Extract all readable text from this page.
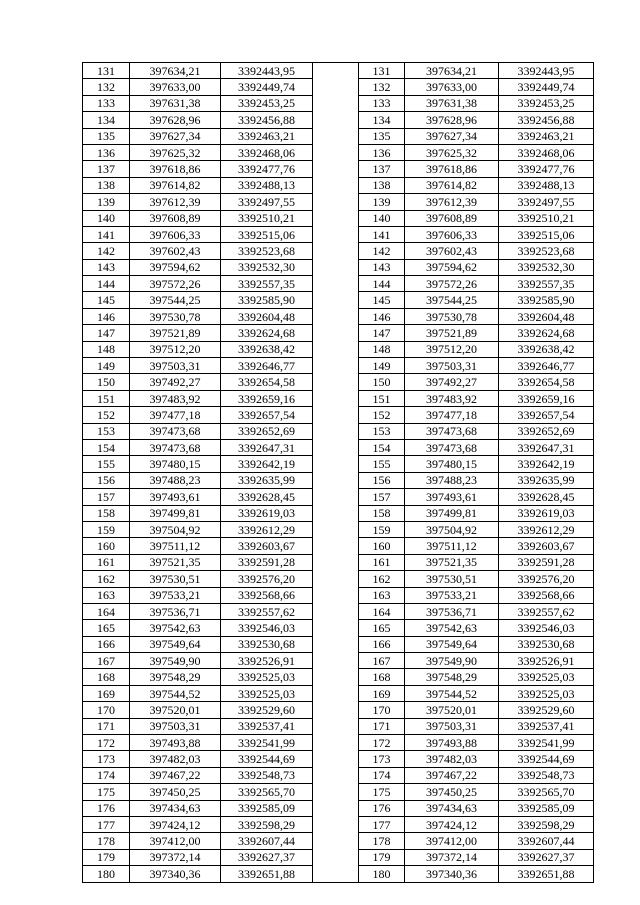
131	397634,21	3392443,95		131	397634,21	3392443,95
132	397633,00	3392449,74		132	397633,00	3392449,74
133	397631,38	3392453,25		133	397631,38	3392453,25
134	397628,96	3392456,88		134	397628,96	3392456,88
135	397627,34	3392463,21		135	397627,34	3392463,21
136	397625,32	3392468,06		136	397625,32	3392468,06
137	397618,86	3392477,76		137	397618,86	3392477,76
138	397614,82	3392488,13		138	397614,82	3392488,13
139	397612,39	3392497,55		139	397612,39	3392497,55
140	397608,89	3392510,21		140	397608,89	3392510,21
141	397606,33	3392515,06		141	397606,33	3392515,06
142	397602,43	3392523,68		142	397602,43	3392523,68
143	397594,62	3392532,30		143	397594,62	3392532,30
144	397572,26	3392557,35		144	397572,26	3392557,35
145	397544,25	3392585,90		145	397544,25	3392585,90
146	397530,78	3392604,48		146	397530,78	3392604,48
147	397521,89	3392624,68		147	397521,89	3392624,68
148	397512,20	3392638,42		148	397512,20	3392638,42
149	397503,31	3392646,77		149	397503,31	3392646,77
150	397492,27	3392654,58		150	397492,27	3392654,58
151	397483,92	3392659,16		151	397483,92	3392659,16
152	397477,18	3392657,54		152	397477,18	3392657,54
153	397473,68	3392652,69		153	397473,68	3392652,69
154	397473,68	3392647,31		154	397473,68	3392647,31
155	397480,15	3392642,19		155	397480,15	3392642,19
156	397488,23	3392635,99		156	397488,23	3392635,99
157	397493,61	3392628,45		157	397493,61	3392628,45
158	397499,81	3392619,03		158	397499,81	3392619,03
159	397504,92	3392612,29		159	397504,92	3392612,29
160	397511,12	3392603,67		160	397511,12	3392603,67
161	397521,35	3392591,28		161	397521,35	3392591,28
162	397530,51	3392576,20		162	397530,51	3392576,20
163	397533,21	3392568,66		163	397533,21	3392568,66
164	397536,71	3392557,62		164	397536,71	3392557,62
165	397542,63	3392546,03		165	397542,63	3392546,03
166	397549,64	3392530,68		166	397549,64	3392530,68
167	397549,90	3392526,91		167	397549,90	3392526,91
168	397548,29	3392525,03		168	397548,29	3392525,03
169	397544,52	3392525,03		169	397544,52	3392525,03
170	397520,01	3392529,60		170	397520,01	3392529,60
171	397503,31	3392537,41		171	397503,31	3392537,41
172	397493,88	3392541,99		172	397493,88	3392541,99
173	397482,03	3392544,69		173	397482,03	3392544,69
174	397467,22	3392548,73		174	397467,22	3392548,73
175	397450,25	3392565,70		175	397450,25	3392565,70
176	397434,63	3392585,09		176	397434,63	3392585,09
177	397424,12	3392598,29		177	397424,12	3392598,29
178	397412,00	3392607,44		178	397412,00	3392607,44
179	397372,14	3392627,37		179	397372,14	3392627,37
180	397340,36	3392651,88		180	397340,36	3392651,88
